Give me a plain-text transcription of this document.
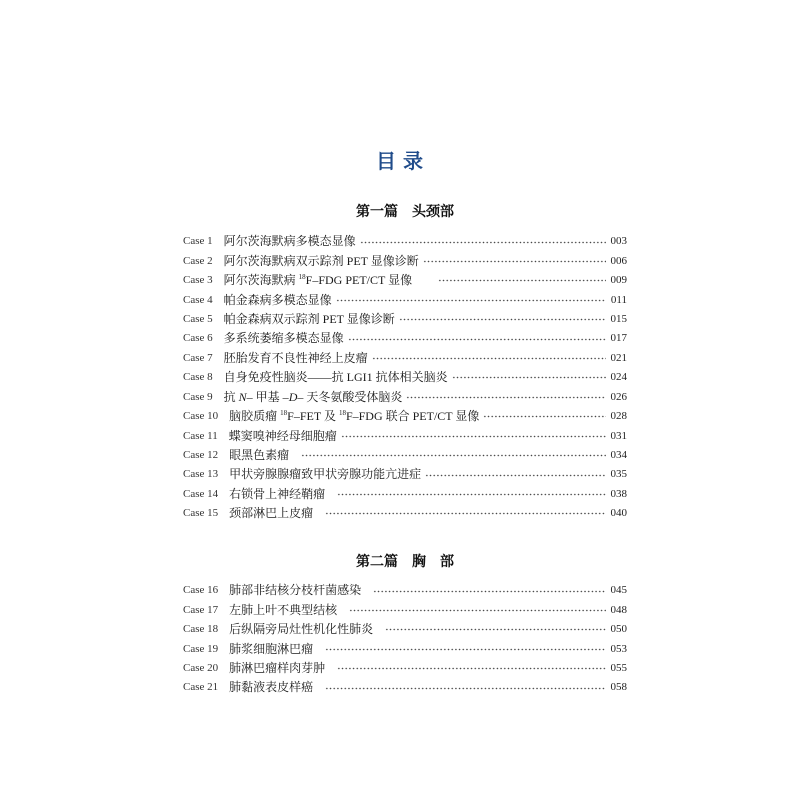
目 录
第一篇　头颈部
Case 1 阿尔茨海默病多模态显像	003
Case 2 阿尔茨海默病双示踪剂 PET 显像诊断	006
Case 3 阿尔茨海默病 $^{18}$F–FDG PET/CT 显像	009
Case 4 帕金森病多模态显像	011
Case 5 帕金森病双示踪剂 PET 显像诊断	015
Case 6 多系统萎缩多模态显像	017
Case 7 胚胎发育不良性神经上皮瘤	021
Case 8 自身免疫性脑炎——抗 LGI1 抗体相关脑炎	024
Case 9 抗 N– 甲基 –D– 天冬氨酸受体脑炎	026
Case 10 脑胶质瘤 $^{18}$F–FET 及 $^{18}$F–FDG 联合 PET/CT 显像	028
Case 11 蝶窦嗅神经母细胞瘤	031
Case 12 眼黑色素瘤	034
Case 13 甲状旁腺腺瘤致甲状旁腺功能亢进症	035
Case 14 右锁骨上神经鞘瘤	038
Case 15 颈部淋巴上皮瘤	040
第二篇　胸　部
Case 16 肺部非结核分枝杆菌感染	045
Case 17 左肺上叶不典型结核	048
Case 18 后纵隔旁局灶性机化性肺炎	050
Case 19 肺浆细胞淋巴瘤	053
Case 20 肺淋巴瘤样肉芽肿	055
Case 21 肺黏液表皮样癌	058
